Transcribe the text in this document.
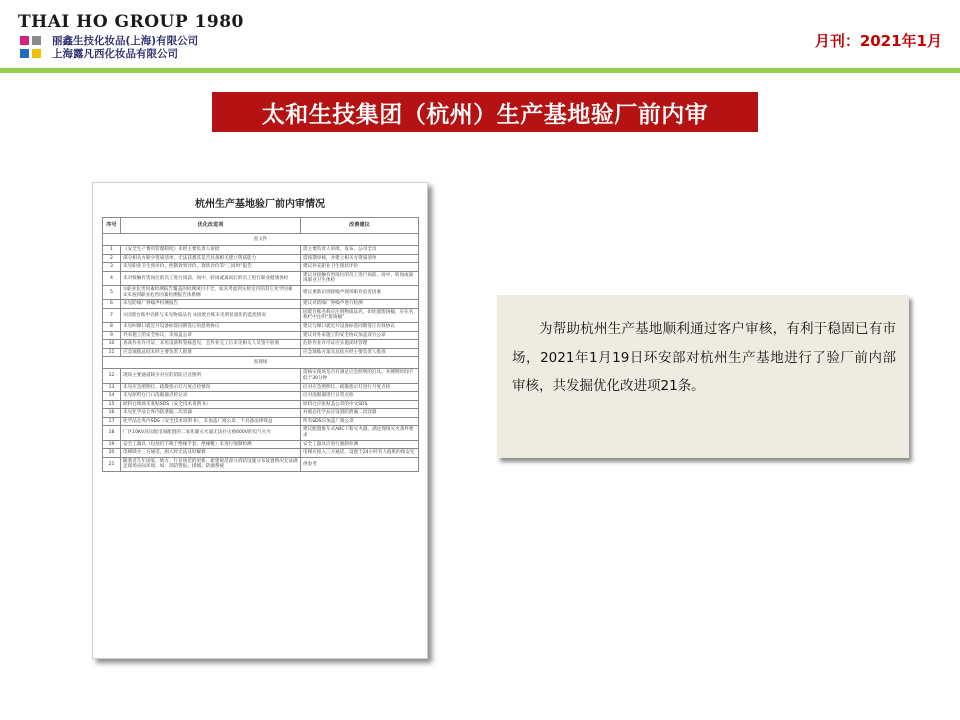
THAI HO GROUP 1980
丽鑫生技化妆品(上海)有限公司
上海露凡西化妆品有限公司
月刊：2021年1月
太和生技集团（杭州）生产基地验厂前内审
杭州生产基地验厂前内审情况
序号	优化改进项	改善建议
查文件		
1	《安全生产费用管理制度》未经主要负责人审批	需主要负责人审批，发布，公司全员
2	部分相关方缺少资质清单，无法获悉其是否具备相关建立资质能力	需按期审核，并建立相关方资质清单
3	未见职业卫生预评价、控制效果评价、现状评价等“三同时”报告	建议补充职业卫生现状评价
4	未对接触有害岗位的员工进行岗前、岗中、转岗或离岗后的员工进行职业健康体检	建议对接触有害岗位的员工进行岗前、岗中、转岗或离岗职业卫生体检
5	①职业危害因素检测报告覆盖的检测项目不全，如未考虑到实验室内的其它化学因素 ②未查到职业危害因素检测报告体系纲	建议重新识别接噪声现场职业危害因素
6	未见防噪厂界噪声检测报告	建议对防噪厂界噪声进行检测
7	①固废台账中名称与未见物质品名 ②固废台账未见明显量化的监控情况	固废台账名称应注明物质品名，如处置废铸桶，应在名称栏中注明“废铸桶”
8	未见叫爆口就近开设备标签同期签订的意效协议	建议与爆口就近开设备标签同期签订有效协议
9	外来施工的安全协议，未加盖公章	建议对外来施工的安全协议加盖双方公章
10	查高作业许可证，未见设备科签核意见，且作业完工后未见相关人员签字验收	危险作业许可证应实施闭环管理
11	应急演练总结未经主要负责人批准	应急演练方案及总结应经主要负责人批准
查现场		
12	现场主要通道缺少对应的消防应急照明	需核实现场是否有满足应急照明的灯具，并测明时间不低于30分钟
13	未见应急照明灯、疏散指示灯月度点检情况	应对应急照明灯、疏散指示灯进行月度点检
14	未见原料仓门口洗眼器点检记录	应对洗眼器进行日常点检
15	原料仓现场未张贴SDS（安全技术说明书）	原料仓应张贴盖公章的中文SDS
16	未见化学品仓库内防泄漏二次容器	对液态化学品应设置防泄漏二次容器
17	化学品仓库内SDS（安全技术说明书），未加盖厂商公章，不具备法律效益	所有SDS应加盖厂商公章
18	厂区10KV高压配电间配置的二氧化碳灭火器无法扑灭被600V的电气火灾	建议配置推车式ABC干粉灭火器，满足现场灭火条件要求
19	安全工器具（包括但不限于绝缘手套、绝缘靴）未进行强制检测	安全工器具应进行强制检测
20	电梯缺少三方通话，困人时无法及时解救	电梯应接入三方通话，设置于24小时有人值班的保安室
21	随着近几年国家、地方、行业规范的更新，新建规范部分消防设施分布设置情况无法满足现场实际环境，如：消防警报、排烟、防烟系统	供参考

为帮助杭州生产基地顺利通过客户审核，有利于稳固已有市场，2021年1月19日环安部对杭州生产基地进行了验厂前内部审核，共发掘优化改进项21条。
